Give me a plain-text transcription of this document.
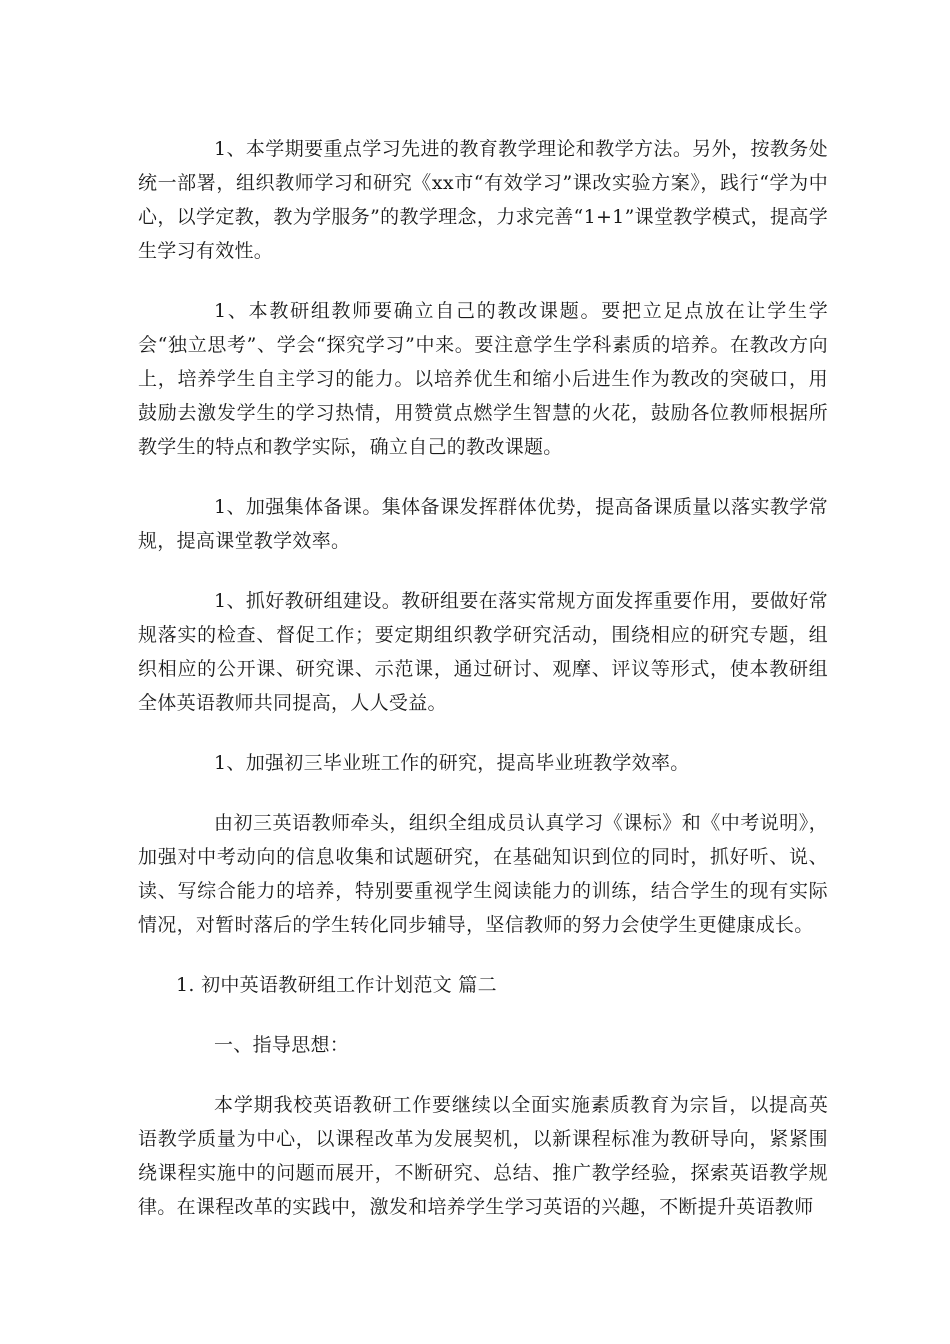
1、本学期要重点学习先进的教育教学理论和教学方法。另外，按教务处统一部署，组织教师学习和研究《xx市“有效学习”课改实验方案》，践行“学为中心，以学定教，教为学服务”的教学理念，力求完善“1+1”课堂教学模式，提高学生学习有效性。

1、本教研组教师要确立自己的教改课题。要把立足点放在让学生学会“独立思考”、学会“探究学习”中来。要注意学生学科素质的培养。在教改方向上，培养学生自主学习的能力。以培养优生和缩小后进生作为教改的突破口，用鼓励去激发学生的学习热情，用赞赏点燃学生智慧的火花，鼓励各位教师根据所教学生的特点和教学实际，确立自己的教改课题。

1、加强集体备课。集体备课发挥群体优势，提高备课质量以落实教学常规，提高课堂教学效率。

1、抓好教研组建设。教研组要在落实常规方面发挥重要作用，要做好常规落实的检查、督促工作；要定期组织教学研究活动，围绕相应的研究专题，组织相应的公开课、研究课、示范课，通过研讨、观摩、评议等形式，使本教研组全体英语教师共同提高，人人受益。

1、加强初三毕业班工作的研究，提高毕业班教学效率。

由初三英语教师牵头，组织全组成员认真学习《课标》和《中考说明》，加强对中考动向的信息收集和试题研究，在基础知识到位的同时，抓好听、说、读、写综合能力的培养，特别要重视学生阅读能力的训练，结合学生的现有实际情况，对暂时落后的学生转化同步辅导，坚信教师的努力会使学生更健康成长。

1. 初中英语教研组工作计划范文 篇二

一、指导思想：

本学期我校英语教研工作要继续以全面实施素质教育为宗旨，以提高英语教学质量为中心，以课程改革为发展契机，以新课程标准为教研导向，紧紧围绕课程实施中的问题而展开，不断研究、总结、推广教学经验，探索英语教学规律。在课程改革的实践中，激发和培养学生学习英语的兴趣，不断提升英语教师
